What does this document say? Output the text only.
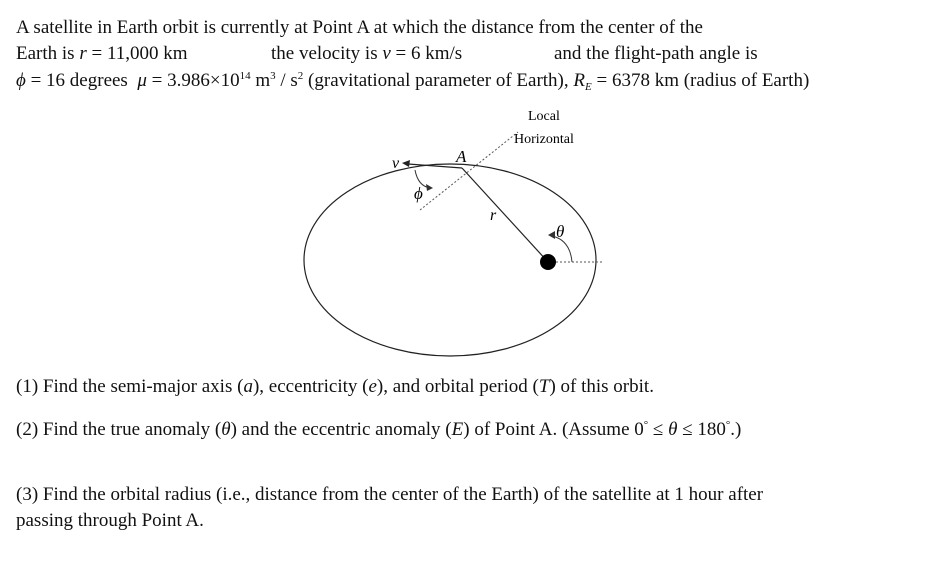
A satellite in Earth orbit is currently at Point A at which the distance from the center of the
Earth is r = 11,000 km	the velocity is v = 6 km/s	and the flight-path angle is
ϕ = 16 degrees $\mu = 3.986\times 10^{14}$ $m^3 / s^2$ (gravitational parameter of Earth), $R_E = 6378$ km (radius of Earth)
Local
Horizontal
A
v
ϕ
r
θ
(1) Find the semi-major axis (a), eccentricity (e), and orbital period (T) of this orbit.
(2) Find the true anomaly (θ) and the eccentric anomaly (E) of Point A. (Assume 0° ≤ θ ≤ 180°.)
(3) Find the orbital radius (i.e., distance from the center of the Earth) of the satellite at 1 hour after
passing through Point A.
